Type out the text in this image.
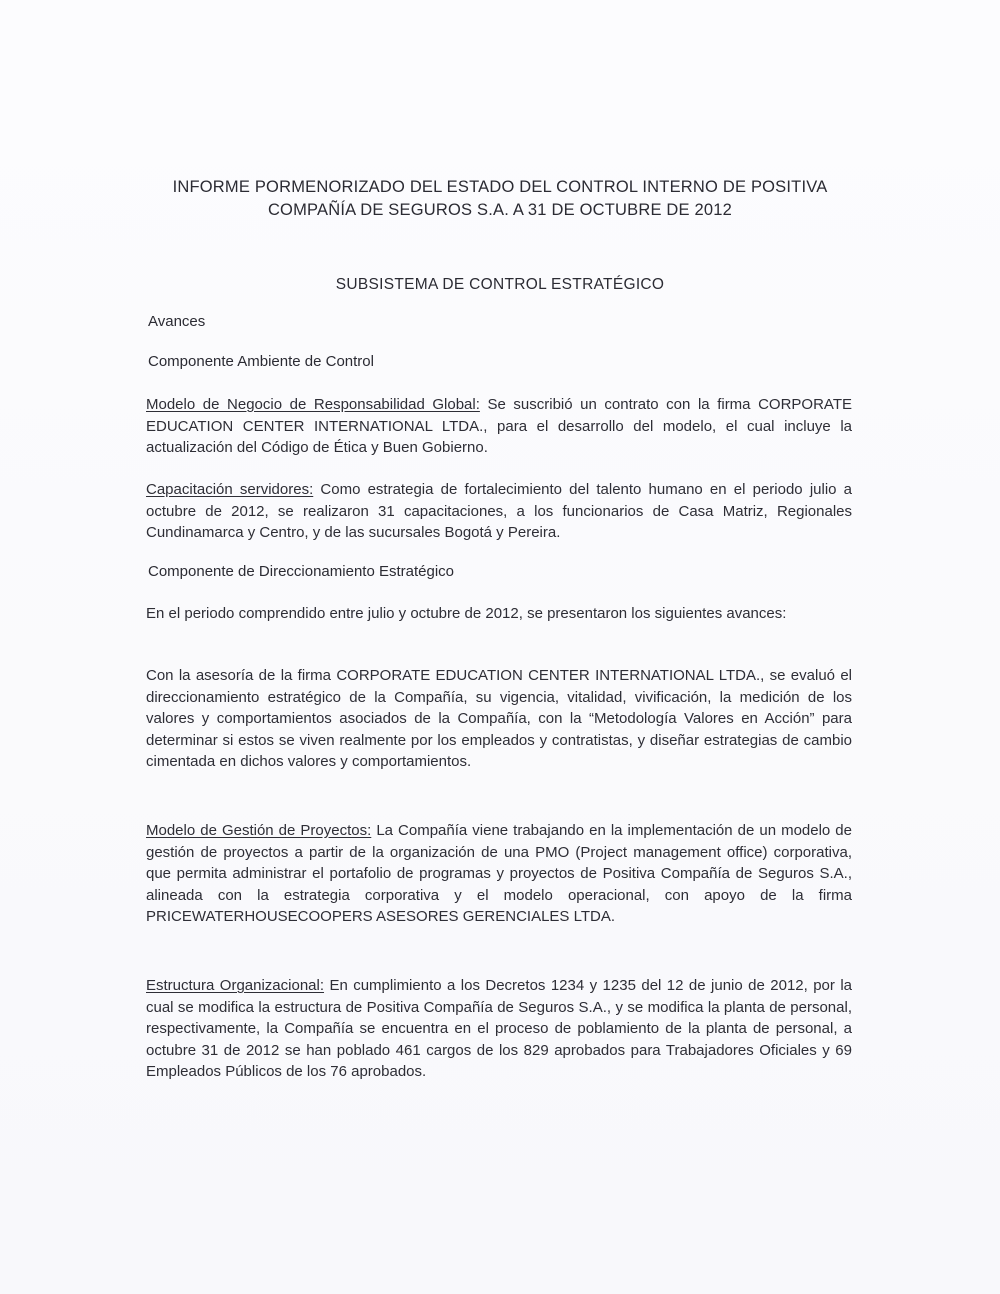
INFORME PORMENORIZADO DEL ESTADO DEL CONTROL INTERNO DE POSITIVA
COMPAÑÍA DE SEGUROS S.A. A 31 DE OCTUBRE DE 2012
SUBSISTEMA DE CONTROL ESTRATÉGICO
Avances
Componente Ambiente de Control
Modelo de Negocio de Responsabilidad Global: Se suscribió un contrato con la firma CORPORATE EDUCATION CENTER INTERNATIONAL LTDA., para el desarrollo del modelo, el cual incluye la actualización del Código de Ética y Buen Gobierno.
Capacitación servidores: Como estrategia de fortalecimiento del talento humano en el periodo julio a octubre de 2012, se realizaron 31 capacitaciones, a los funcionarios de Casa Matriz, Regionales Cundinamarca y Centro, y de las sucursales Bogotá y Pereira.
Componente de Direccionamiento Estratégico
En el periodo comprendido entre julio y octubre de 2012, se presentaron los siguientes avances:
Con la asesoría de la firma CORPORATE EDUCATION CENTER INTERNATIONAL LTDA., se evaluó el direccionamiento estratégico de la Compañía, su vigencia, vitalidad, vivificación, la medición de los valores y comportamientos asociados de la Compañía, con la “Metodología Valores en Acción” para determinar si estos se viven realmente por los empleados y contratistas, y diseñar estrategias de cambio cimentada en dichos valores y comportamientos.
Modelo de Gestión de Proyectos: La Compañía viene trabajando en la implementación de un modelo de gestión de proyectos a partir de la organización de una PMO (Project management office) corporativa, que permita administrar el portafolio de programas y proyectos de Positiva Compañía de Seguros S.A., alineada con la estrategia corporativa y el modelo operacional, con apoyo de la firma PRICEWATERHOUSECOOPERS ASESORES GERENCIALES LTDA.
Estructura Organizacional: En cumplimiento a los Decretos 1234 y 1235 del 12 de junio de 2012, por la cual se modifica la estructura de Positiva Compañía de Seguros S.A., y se modifica la planta de personal, respectivamente, la Compañía se encuentra en el proceso de poblamiento de la planta de personal, a octubre 31 de 2012 se han poblado 461 cargos de los 829 aprobados para Trabajadores Oficiales y 69 Empleados Públicos de los 76 aprobados.
